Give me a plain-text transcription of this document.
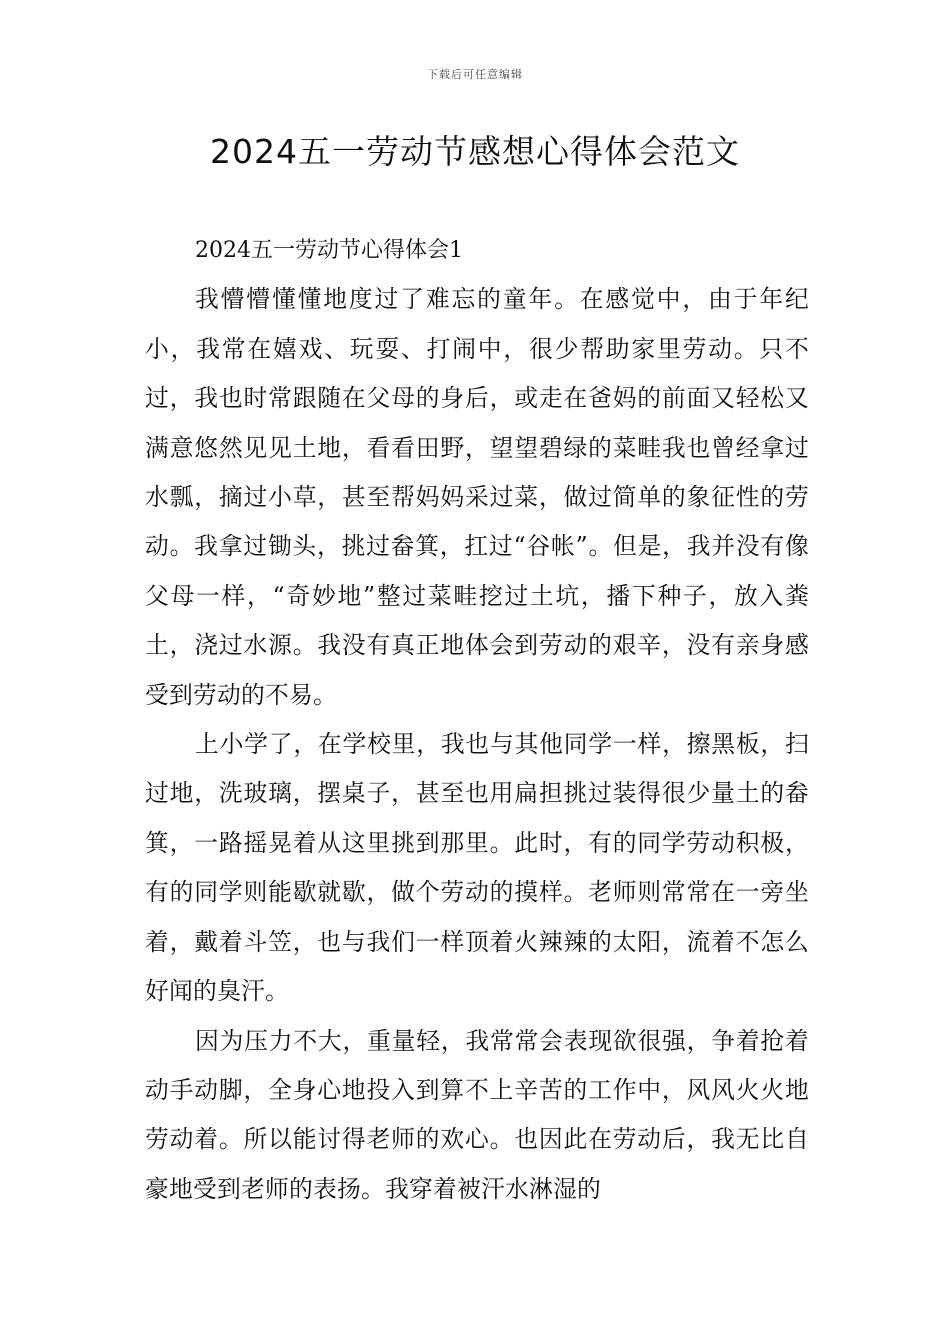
下载后可任意编辑
2024五一劳动节感想心得体会范文

2024五一劳动节心得体会1

我懵懵懂懂地度过了难忘的童年。在感觉中，由于年纪小，我常在嬉戏、玩耍、打闹中，很少帮助家里劳动。只不过，我也时常跟随在父母的身后，或走在爸妈的前面又轻松又满意悠然见见土地，看看田野，望望碧绿的菜畦我也曾经拿过水瓢，摘过小草，甚至帮妈妈采过菜，做过简单的象征性的劳动。我拿过锄头，挑过畚箕，扛过“谷帐”。但是，我并没有像父母一样，“奇妙地”整过菜畦挖过土坑，播下种子，放入粪土，浇过水源。我没有真正地体会到劳动的艰辛，没有亲身感受到劳动的不易。

上小学了，在学校里，我也与其他同学一样，擦黑板，扫过地，洗玻璃，摆桌子，甚至也用扁担挑过装得很少量土的畚箕，一路摇晃着从这里挑到那里。此时，有的同学劳动积极，有的同学则能歇就歇，做个劳动的摸样。老师则常常在一旁坐着，戴着斗笠，也与我们一样顶着火辣辣的太阳，流着不怎么好闻的臭汗。

因为压力不大，重量轻，我常常会表现欲很强，争着抢着动手动脚，全身心地投入到算不上辛苦的工作中，风风火火地劳动着。所以能讨得老师的欢心。也因此在劳动后，我无比自豪地受到老师的表扬。我穿着被汗水淋湿的
